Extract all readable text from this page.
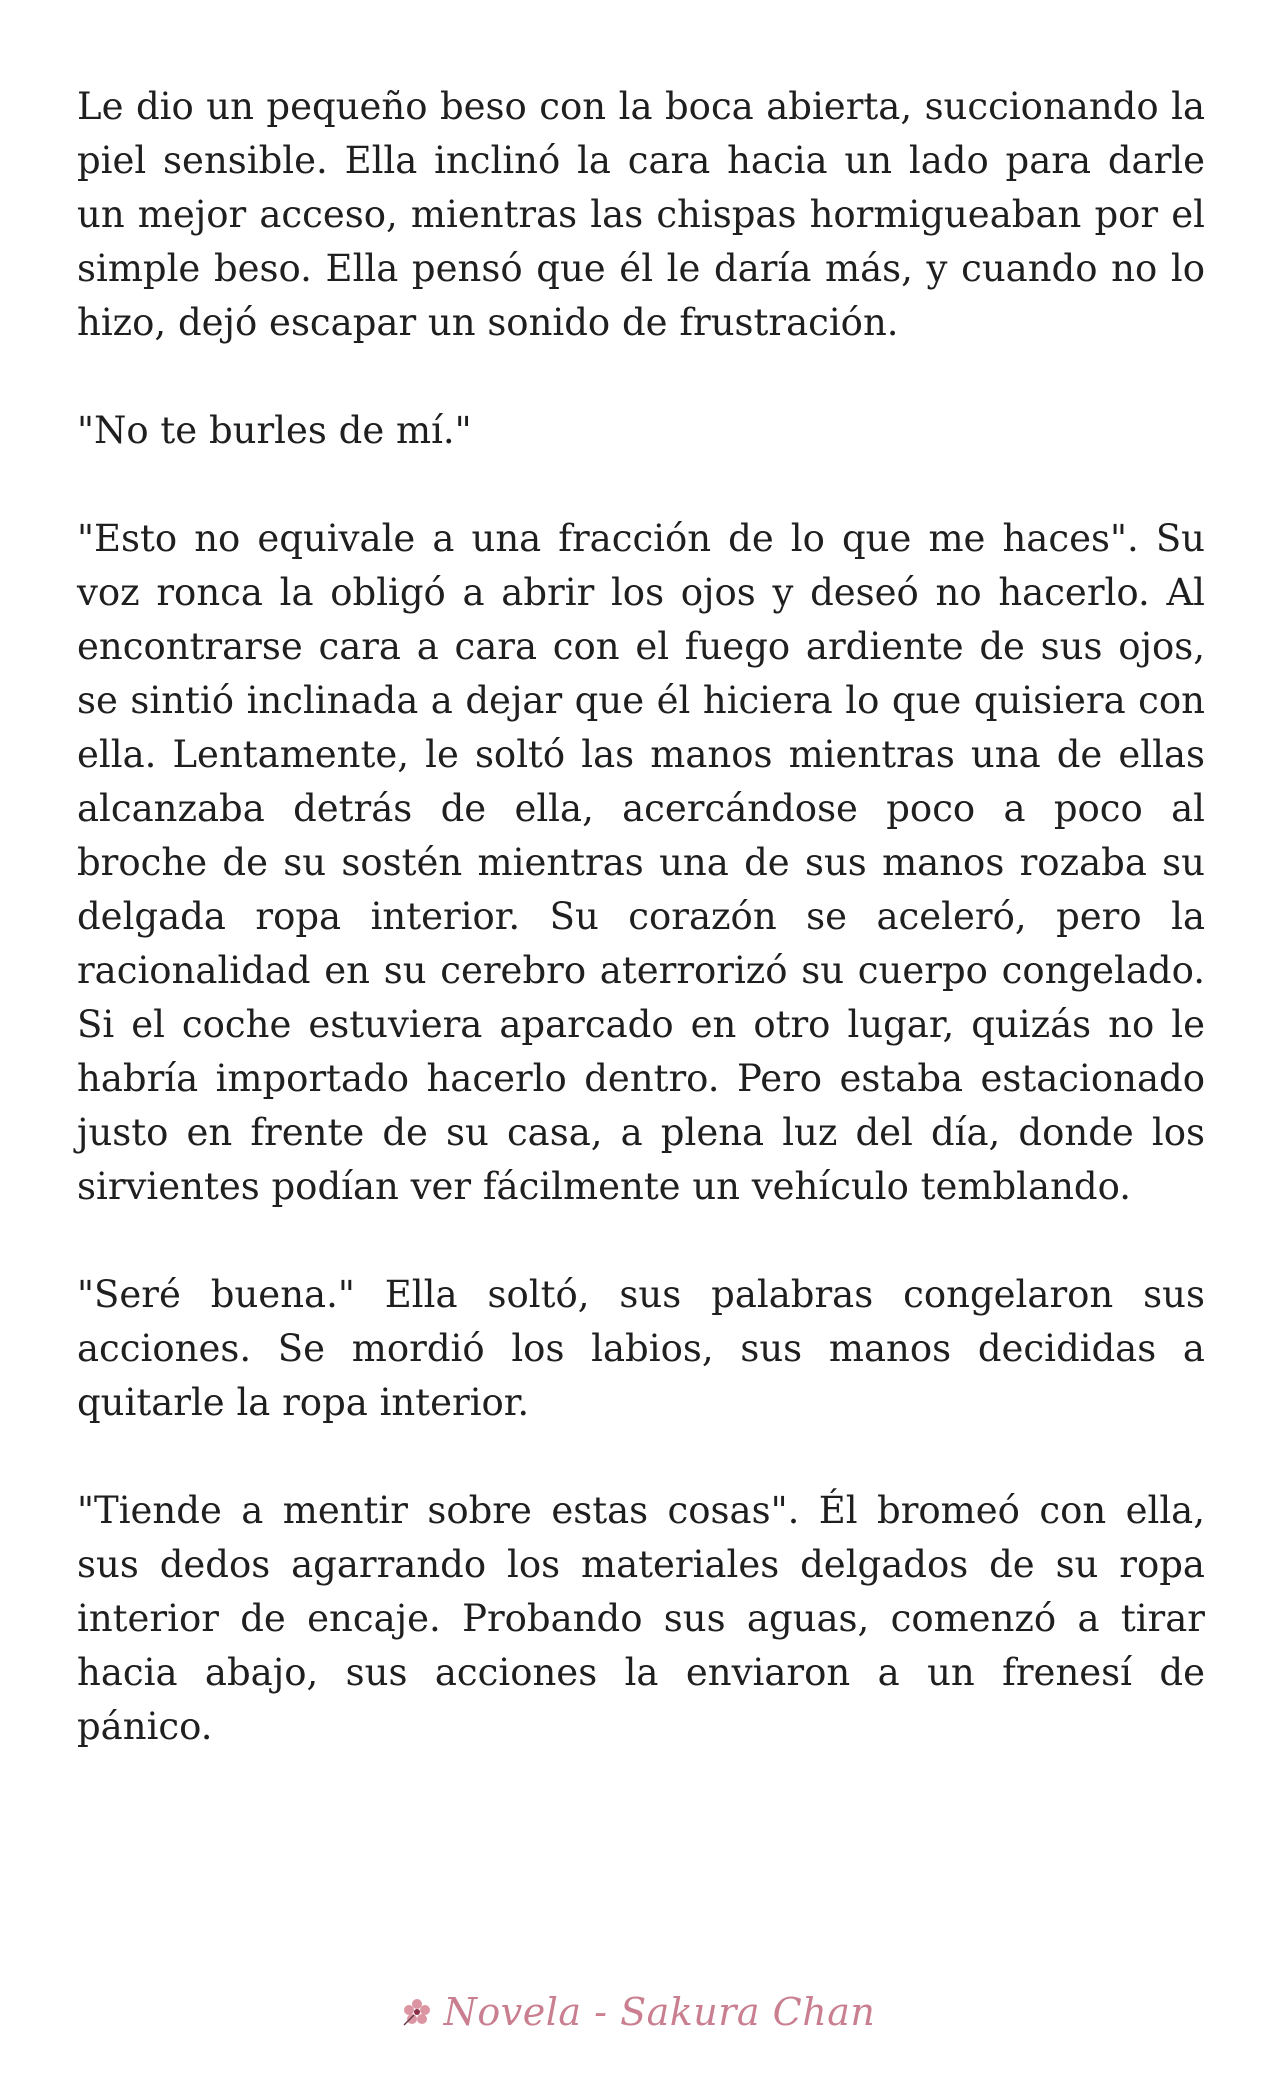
Le dio un pequeño beso con la boca abierta, succionando la piel sensible. Ella inclinó la cara hacia un lado para darle un mejor acceso, mientras las chispas hormigueaban por el simple beso. Ella pensó que él le daría más, y cuando no lo hizo, dejó escapar un sonido de frustración.

"No te burles de mí."

"Esto no equivale a una fracción de lo que me haces". Su voz ronca la obligó a abrir los ojos y deseó no hacerlo. Al encontrarse cara a cara con el fuego ardiente de sus ojos, se sintió inclinada a dejar que él hiciera lo que quisiera con ella. Lentamente, le soltó las manos mientras una de ellas alcanzaba detrás de ella, acercándose poco a poco al broche de su sostén mientras una de sus manos rozaba su delgada ropa interior. Su corazón se aceleró, pero la racionalidad en su cerebro aterrorizó su cuerpo congelado. Si el coche estuviera aparcado en otro lugar, quizás no le habría importado hacerlo dentro. Pero estaba estacionado justo en frente de su casa, a plena luz del día, donde los sirvientes podían ver fácilmente un vehículo temblando.

"Seré buena." Ella soltó, sus palabras congelaron sus acciones. Se mordió los labios, sus manos decididas a quitarle la ropa interior.

"Tiende a mentir sobre estas cosas". Él bromeó con ella, sus dedos agarrando los materiales delgados de su ropa interior de encaje. Probando sus aguas, comenzó a tirar hacia abajo, sus acciones la enviaron a un frenesí de pánico.

Novela - Sakura Chan
